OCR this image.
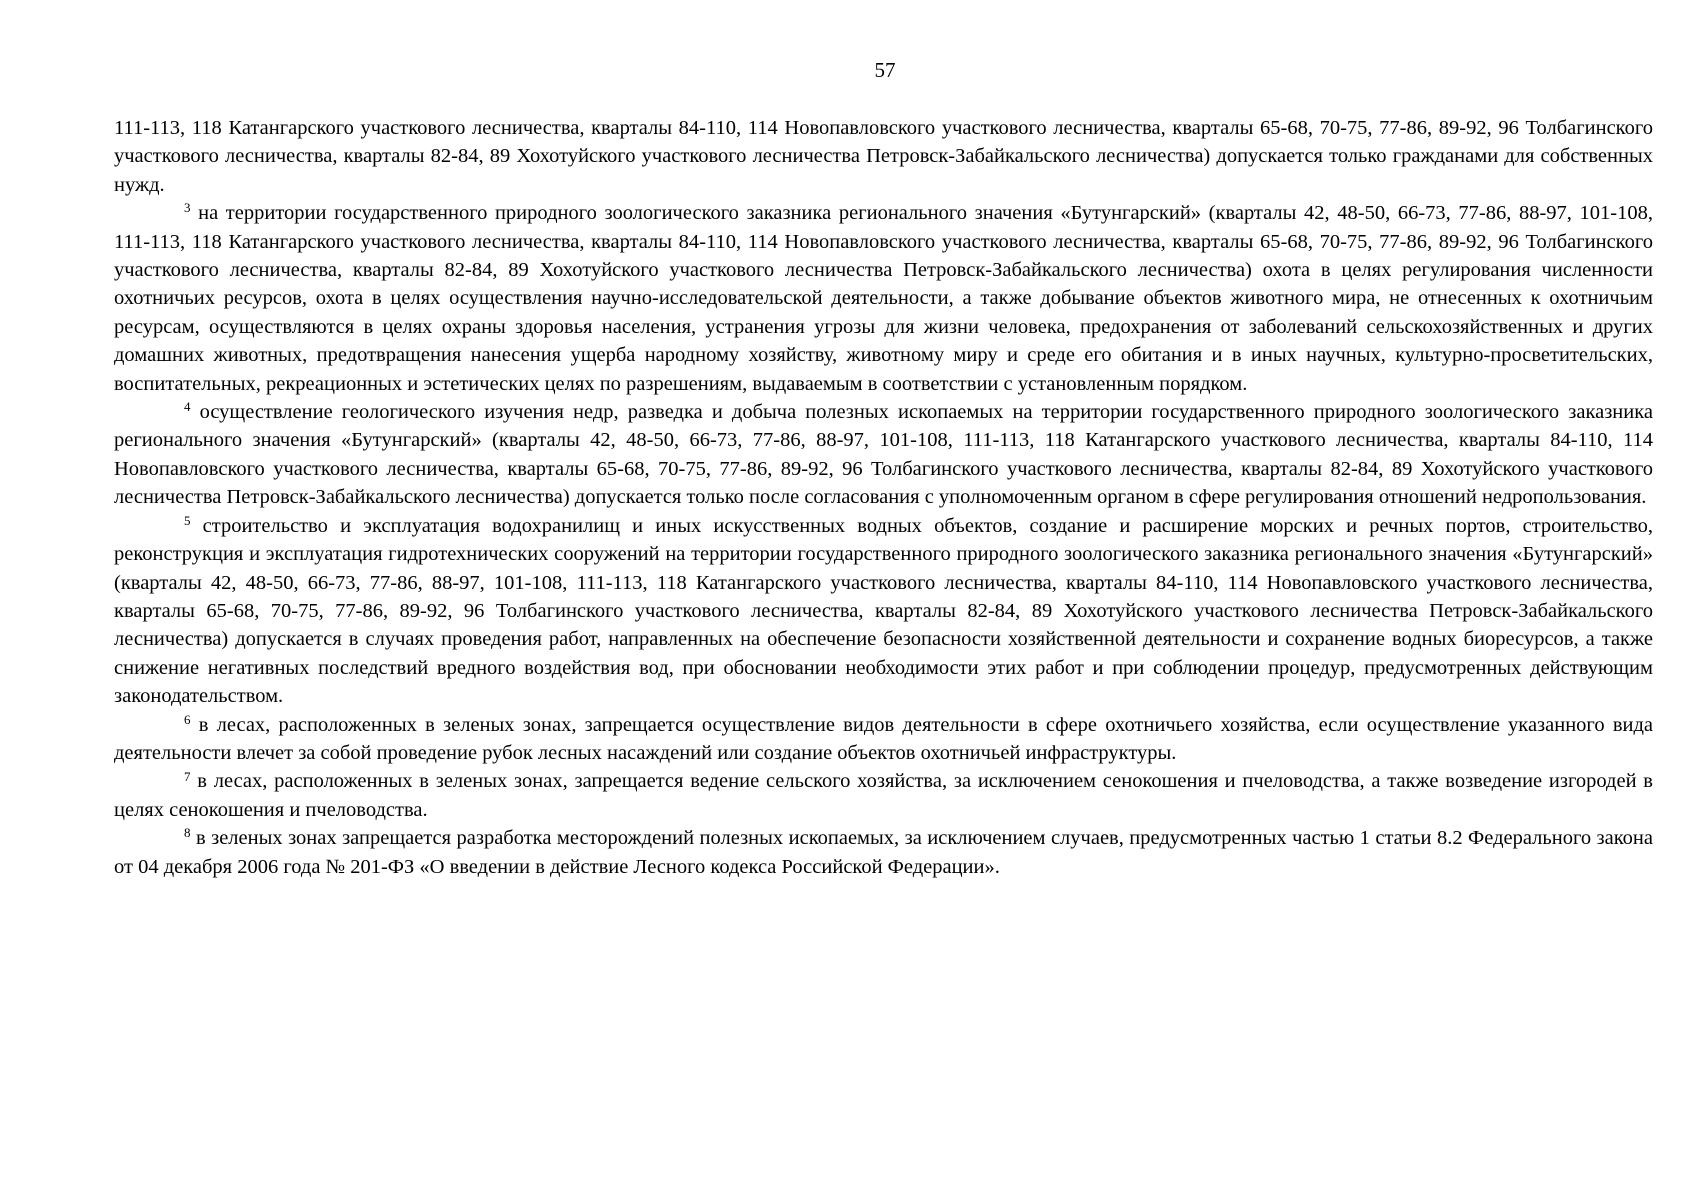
57

111-113, 118 Катангарского участкового лесничества, кварталы 84-110, 114 Новопавловского участкового лесничества, кварталы 65-68, 70-75, 77-86, 89-92, 96 Толбагинского участкового лесничества, кварталы 82-84, 89 Хохотуйского участкового лесничества Петровск-Забайкальского лесничества) допускается только гражданами для собственных нужд.

$^3$ на территории государственного природного зоологического заказника регионального значения «Бутунгарский» (кварталы 42, 48-50, 66-73, 77-86, 88-97, 101-108, 111-113, 118 Катангарского участкового лесничества, кварталы 84-110, 114 Новопавловского участкового лесничества, кварталы 65-68, 70-75, 77-86, 89-92, 96 Толбагинского участкового лесничества, кварталы 82-84, 89 Хохотуйского участкового лесничества Петровск-Забайкальского лесничества) охота в целях регулирования численности охотничьих ресурсов, охота в целях осуществления научно-исследовательской деятельности, а также добывание объектов животного мира, не отнесенных к охотничьим ресурсам, осуществляются в целях охраны здоровья населения, устранения угрозы для жизни человека, предохранения от заболеваний сельскохозяйственных и других домашних животных, предотвращения нанесения ущерба народному хозяйству, животному миру и среде его обитания и в иных научных, культурно-просветительских, воспитательных, рекреационных и эстетических целях по разрешениям, выдаваемым в соответствии с установленным порядком.

$^4$ осуществление геологического изучения недр, разведка и добыча полезных ископаемых на территории государственного природного зоологического заказника регионального значения «Бутунгарский» (кварталы 42, 48-50, 66-73, 77-86, 88-97, 101-108, 111-113, 118 Катангарского участкового лесничества, кварталы 84-110, 114 Новопавловского участкового лесничества, кварталы 65-68, 70-75, 77-86, 89-92, 96 Толбагинского участкового лесничества, кварталы 82-84, 89 Хохотуйского участкового лесничества Петровск-Забайкальского лесничества) допускается только после согласования с уполномоченным органом в сфере регулирования отношений недропользования.

$^5$ строительство и эксплуатация водохранилищ и иных искусственных водных объектов, создание и расширение морских и речных портов, строительство, реконструкция и эксплуатация гидротехнических сооружений на территории государственного природного зоологического заказника регионального значения «Бутунгарский» (кварталы 42, 48-50, 66-73, 77-86, 88-97, 101-108, 111-113, 118 Катангарского участкового лесничества, кварталы 84-110, 114 Новопавловского участкового лесничества, кварталы 65-68, 70-75, 77-86, 89-92, 96 Толбагинского участкового лесничества, кварталы 82-84, 89 Хохотуйского участкового лесничества Петровск-Забайкальского лесничества) допускается в случаях проведения работ, направленных на обеспечение безопасности хозяйственной деятельности и сохранение водных биоресурсов, а также снижение негативных последствий вредного воздействия вод, при обосновании необходимости этих работ и при соблюдении процедур, предусмотренных действующим законодательством.

$^6$ в лесах, расположенных в зеленых зонах, запрещается осуществление видов деятельности в сфере охотничьего хозяйства, если осуществление указанного вида деятельности влечет за собой проведение рубок лесных насаждений или создание объектов охотничьей инфраструктуры.

$^7$ в лесах, расположенных в зеленых зонах, запрещается ведение сельского хозяйства, за исключением сенокошения и пчеловодства, а также возведение изгородей в целях сенокошения и пчеловодства.

$^8$ в зеленых зонах запрещается разработка месторождений полезных ископаемых, за исключением случаев, предусмотренных частью 1 статьи 8.2 Федерального закона от 04 декабря 2006 года № 201-ФЗ «О введении в действие Лесного кодекса Российской Федерации».
